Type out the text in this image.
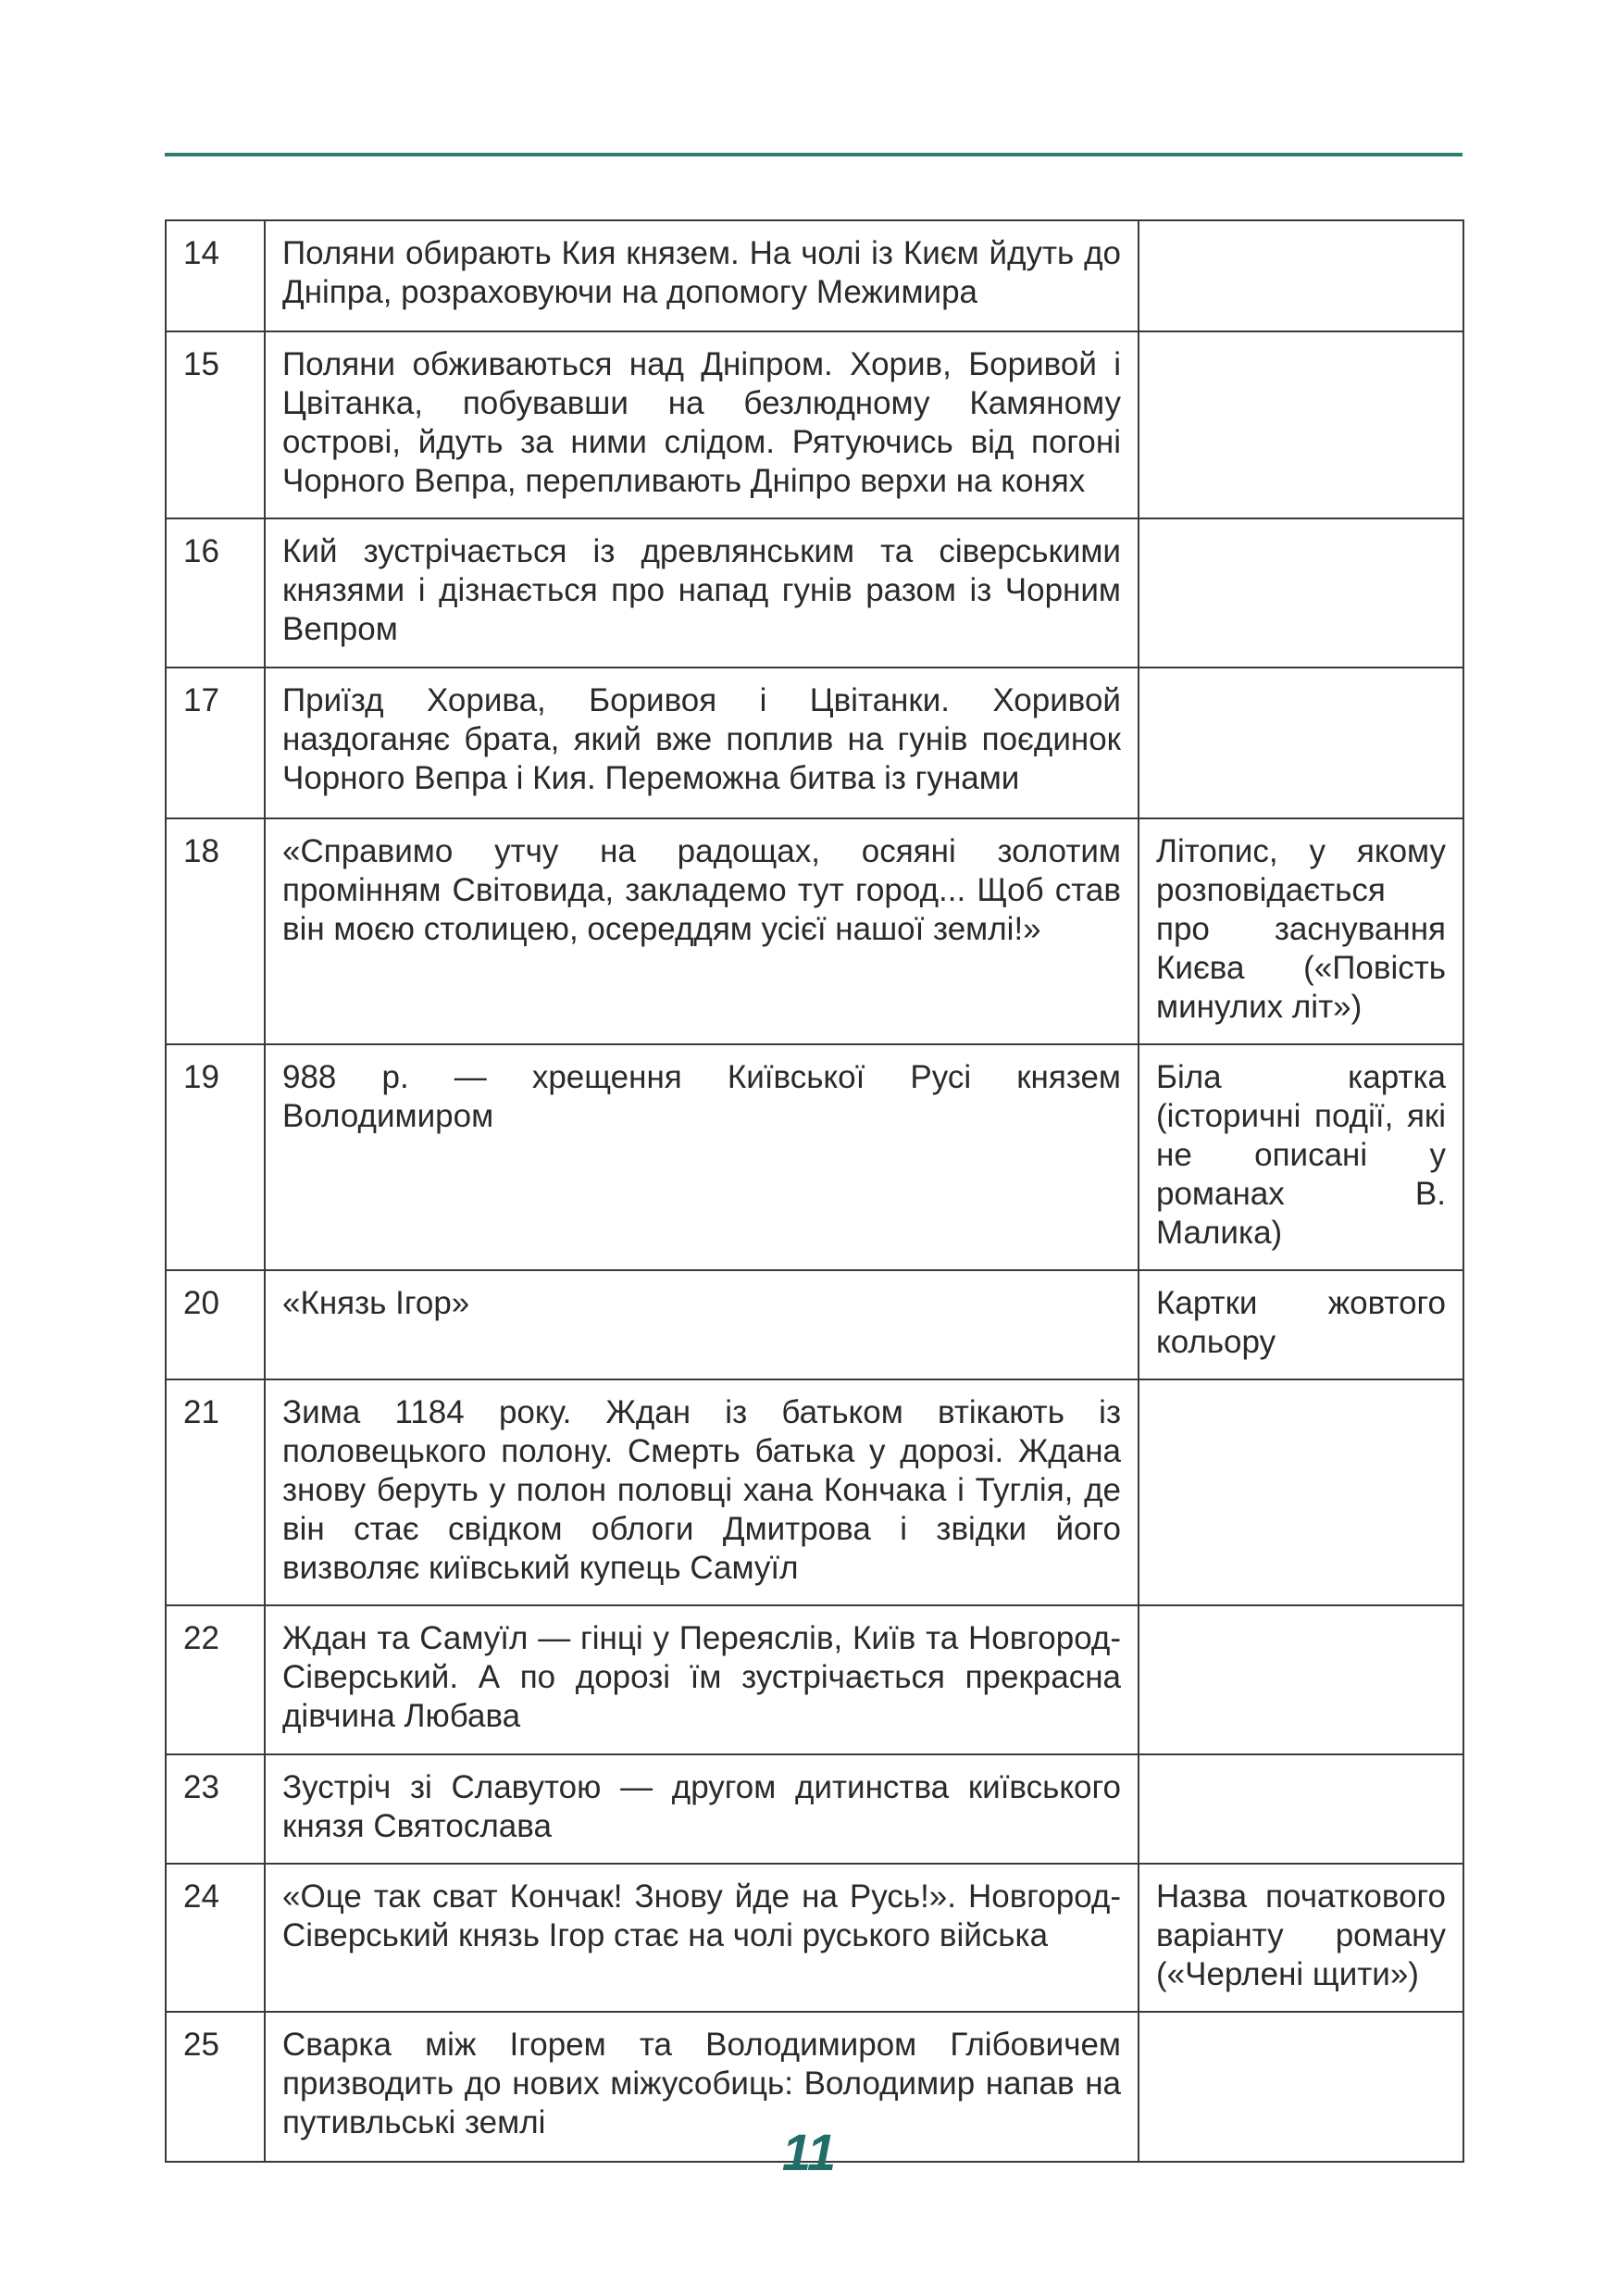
14	Поляни обирають Кия князем. На чолі із Києм йдуть до Дніпра, розраховуючи на допомогу Межимира	
15	Поляни обживаються над Дніпром. Хорив, Боривой і Цвітанка, побувавши на безлюдному Камяному острові, йдуть за ними слідом. Рятуючись від погоні Чорного Вепра, перепливають Дніпро верхи на конях	
16	Кий зустрічається із древлянським та сіверськими князями і дізнається про напад гунів разом із Чорним Вепром	
17	Приїзд Хорива, Боривоя і Цвітанки. Хоривой наздоганяє брата, який вже поплив на гунів поєдинок Чорного Вепра і Кия. Переможна битва із гунами	
18	«Справимо утчу на радощах, осяяні золотим промінням Світовида, закладемо тут город... Щоб став він моєю столицею, осереддям усієї нашої землі!»	Літопис, у якому розповідається про заснування Києва («Повість минулих літ»)
19	988 р. — хрещення Київської Русі князем Володимиром	Біла картка (історичні події, які не описані у романах В. Малика)
20	«Князь Ігор»	Картки жовтого кольору
21	Зима 1184 року. Ждан із батьком втікають із половецького полону. Смерть батька у дорозі. Ждана знову беруть у полон половці хана Кончака і Туглія, де він стає свідком облоги Дмитрова і звідки його визволяє київський купець Самуїл	
22	Ждан та Самуїл — гінці у Переяслів, Київ та Новгород-Сіверський. А по дорозі їм зустрічається прекрасна дівчина Любава	
23	Зустріч зі Славутою — другом дитинства київського князя Святослава	
24	«Оце так сват Кончак! Знову йде на Русь!». Новгород-Сіверський князь Ігор стає на чолі руського війська	Назва початкового варіанту роману («Черлені щити»)
25	Сварка між Ігорем та Володимиром Глібовичем призводить до нових міжусобиць: Володимир напав на путивльські землі	
11
